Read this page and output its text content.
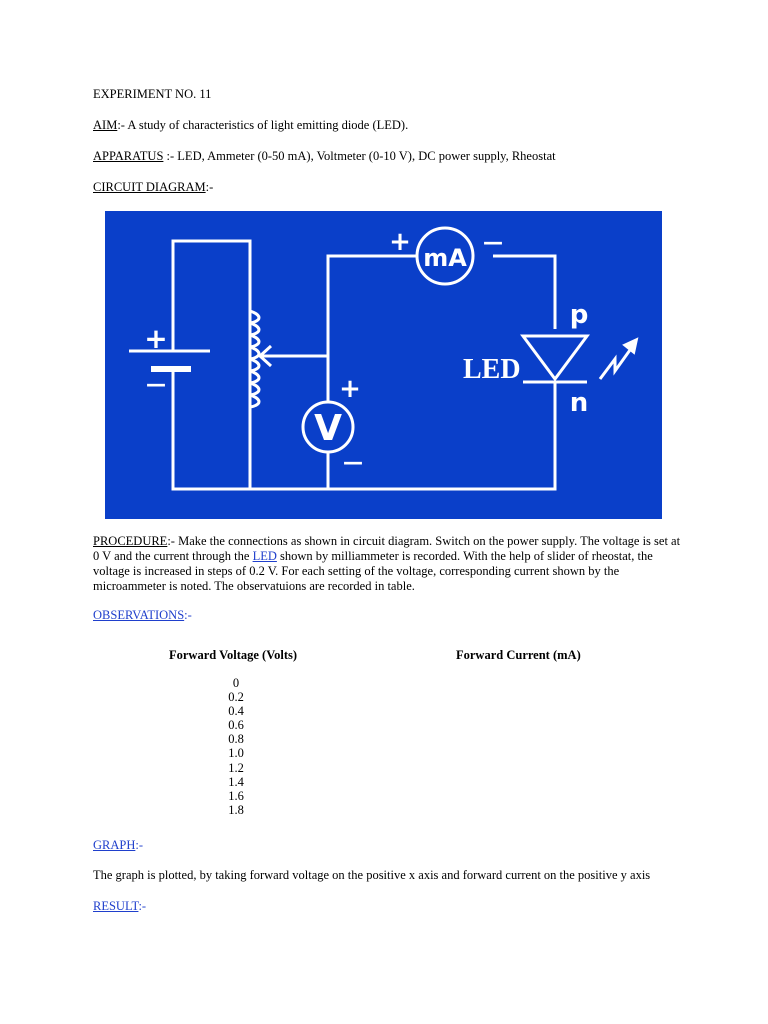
EXPERIMENT NO. 11

AIM:- A study of characteristics of light emitting diode (LED).

APPARATUS :- LED, Ammeter (0-50 mA), Voltmeter (0-10 V), DC power supply, Rheostat

CIRCUIT DIAGRAM:-

+
—
mA
+	—
V
+
—
p
n
LED

PROCEDURE:- Make the connections as shown in circuit diagram. Switch on the power supply. The voltage is set at 0 V and the current through the LED shown by milliammeter is recorded. With the help of slider of rheostat, the voltage is increased in steps of 0.2 V. For each setting of the voltage, corresponding current shown by the microammeter is noted. The observatuions are recorded in table.

OBSERVATIONS:-

Forward Voltage (Volts)	Forward Current (mA)
0
0.2
0.4
0.6
0.8
1.0
1.2
1.4
1.6
1.8

GRAPH:-

The graph is plotted, by taking forward voltage on the positive x axis and forward current on the positive y axis

RESULT:-
